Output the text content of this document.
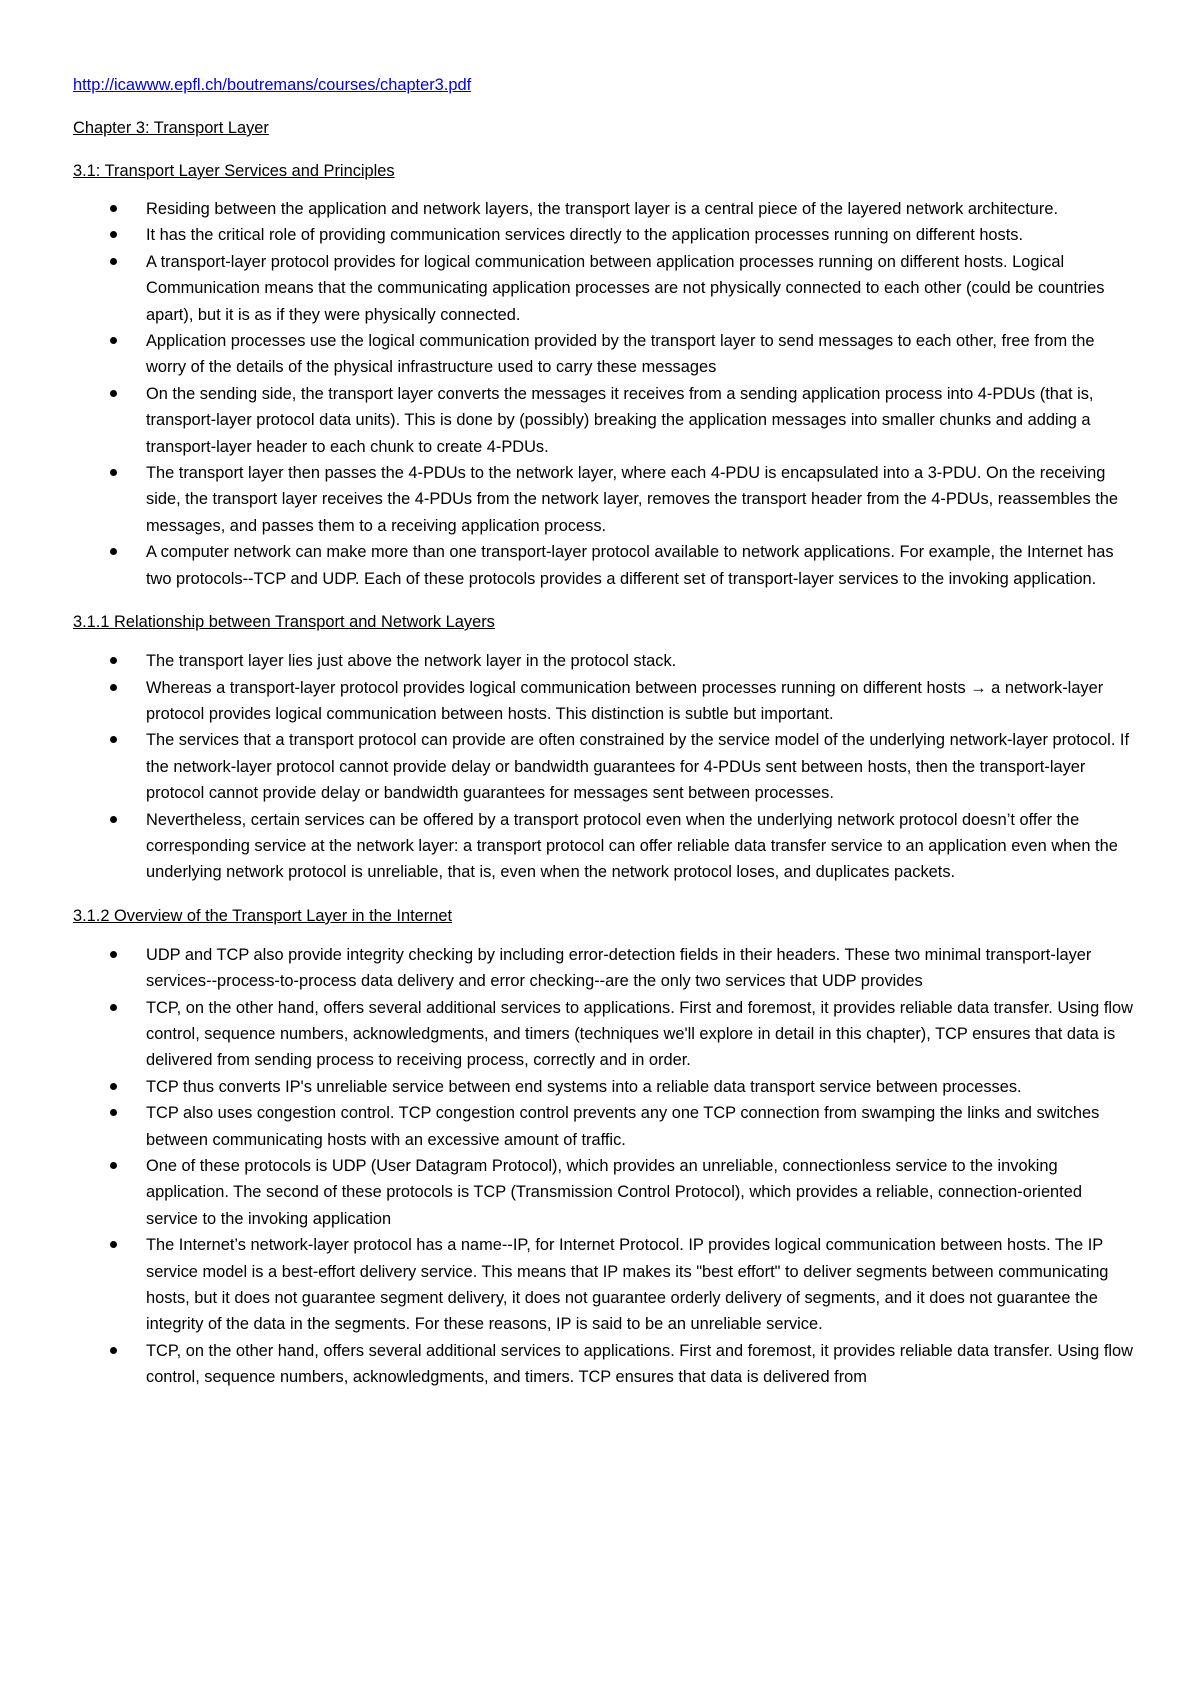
http://icawww.epfl.ch/boutremans/courses/chapter3.pdf
Chapter 3: Transport Layer
3.1: Transport Layer Services and Principles
Residing between the application and network layers, the transport layer is a central piece of the layered network architecture.
It has the critical role of providing communication services directly to the application processes running on different hosts.
A transport-layer protocol provides for logical communication between application processes running on different hosts. Logical Communication means that the communicating application processes are not physically connected to each other (could be countries apart), but it is as if they were physically connected.
Application processes use the logical communication provided by the transport layer to send messages to each other, free from the worry of the details of the physical infrastructure used to carry these messages
On the sending side, the transport layer converts the messages it receives from a sending application process into 4-PDUs (that is, transport-layer protocol data units). This is done by (possibly) breaking the application messages into smaller chunks and adding a transport-layer header to each chunk to create 4-PDUs.
The transport layer then passes the 4-PDUs to the network layer, where each 4-PDU is encapsulated into a 3-PDU. On the receiving side, the transport layer receives the 4-PDUs from the network layer, removes the transport header from the 4-PDUs, reassembles the messages, and passes them to a receiving application process.
A computer network can make more than one transport-layer protocol available to network applications. For example, the Internet has two protocols--TCP and UDP. Each of these protocols provides a different set of transport-layer services to the invoking application.
3.1.1 Relationship between Transport and Network Layers
The transport layer lies just above the network layer in the protocol stack.
Whereas a transport-layer protocol provides logical communication between processes running on different hosts → a network-layer protocol provides logical communication between hosts. This distinction is subtle but important.
The services that a transport protocol can provide are often constrained by the service model of the underlying network-layer protocol. If the network-layer protocol cannot provide delay or bandwidth guarantees for 4-PDUs sent between hosts, then the transport-layer protocol cannot provide delay or bandwidth guarantees for messages sent between processes.
Nevertheless, certain services can be offered by a transport protocol even when the underlying network protocol doesn’t offer the corresponding service at the network layer: a transport protocol can offer reliable data transfer service to an application even when the underlying network protocol is unreliable, that is, even when the network protocol loses, and duplicates packets.
3.1.2 Overview of the Transport Layer in the Internet
UDP and TCP also provide integrity checking by including error-detection fields in their headers. These two minimal transport-layer services--process-to-process data delivery and error checking--are the only two services that UDP provides
TCP, on the other hand, offers several additional services to applications. First and foremost, it provides reliable data transfer. Using flow control, sequence numbers, acknowledgments, and timers (techniques we'll explore in detail in this chapter), TCP ensures that data is delivered from sending process to receiving process, correctly and in order.
TCP thus converts IP's unreliable service between end systems into a reliable data transport service between processes.
TCP also uses congestion control. TCP congestion control prevents any one TCP connection from swamping the links and switches between communicating hosts with an excessive amount of traffic.
One of these protocols is UDP (User Datagram Protocol), which provides an unreliable, connectionless service to the invoking application. The second of these protocols is TCP (Transmission Control Protocol), which provides a reliable, connection-oriented service to the invoking application
The Internet’s network-layer protocol has a name--IP, for Internet Protocol. IP provides logical communication between hosts. The IP service model is a best-effort delivery service. This means that IP makes its "best effort" to deliver segments between communicating hosts, but it does not guarantee segment delivery, it does not guarantee orderly delivery of segments, and it does not guarantee the integrity of the data in the segments. For these reasons, IP is said to be an unreliable service.
TCP, on the other hand, offers several additional services to applications. First and foremost, it provides reliable data transfer. Using flow control, sequence numbers, acknowledgments, and timers. TCP ensures that data is delivered from
